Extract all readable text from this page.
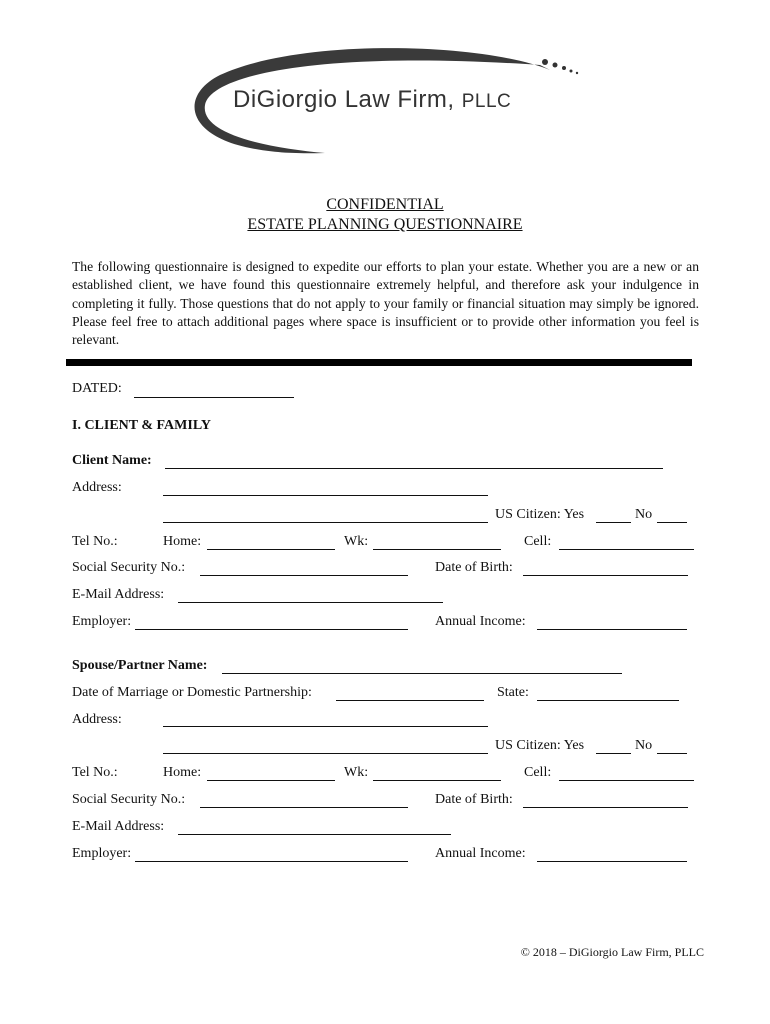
DiGiorgio Law Firm, PLLC
CONFIDENTIAL
ESTATE PLANNING QUESTIONNAIRE
The following questionnaire is designed to expedite our efforts to plan your estate. Whether you are a new or an established client, we have found this questionnaire extremely helpful, and therefore ask your indulgence in completing it fully. Those questions that do not apply to your family or financial situation may simply be ignored. Please feel free to attach additional pages where space is insufficient or to provide other information you feel is relevant.
DATED:
I. CLIENT & FAMILY
Client Name:
Address:
US Citizen: Yes	No
Tel No.:	Home:	Wk:	Cell:
Social Security No.:	Date of Birth:
E-Mail Address:
Employer:	Annual Income:
Spouse/Partner Name:
Date of Marriage or Domestic Partnership:	State:
Address:
US Citizen: Yes	No
Tel No.:	Home:	Wk:	Cell:
Social Security No.:	Date of Birth:
E-Mail Address:
Employer:	Annual Income:
© 2018 – DiGiorgio Law Firm, PLLC
